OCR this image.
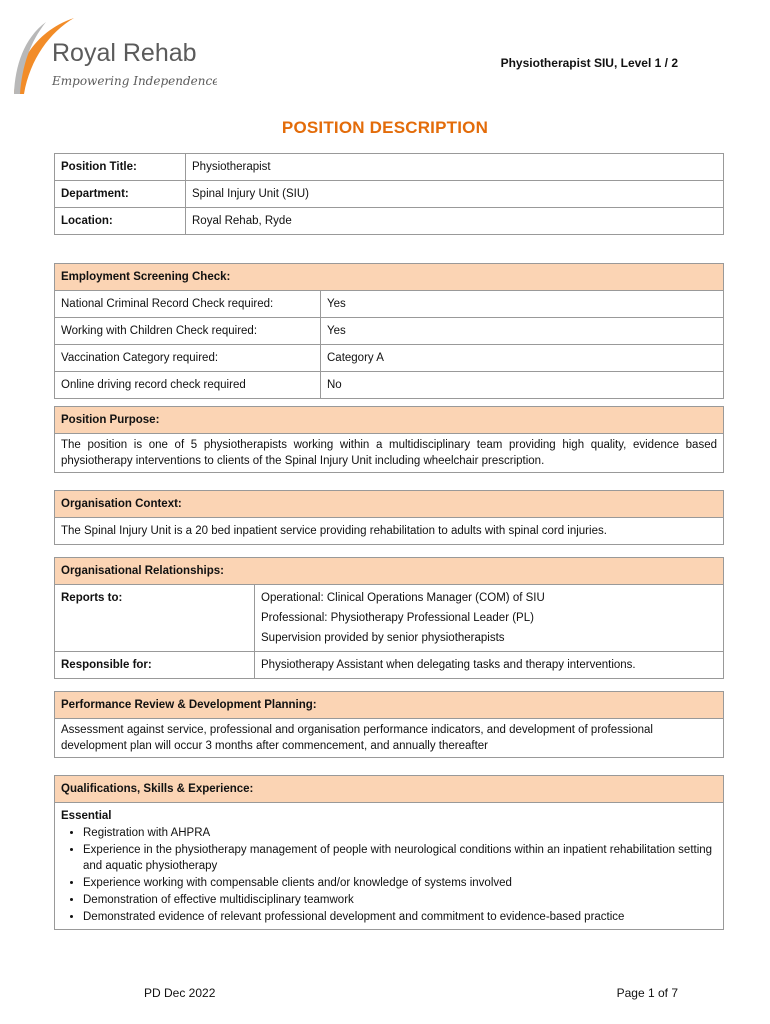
Royal Rehab
Empowering Independence
Physiotherapist SIU, Level 1 / 2
POSITION DESCRIPTION
Position Title:	Physiotherapist
Department:	Spinal Injury Unit (SIU)
Location:	Royal Rehab, Ryde
Employment Screening Check:	
National Criminal Record Check required:	Yes
Working with Children Check required:	Yes
Vaccination Category required:	Category A
Online driving record check required	No
Position Purpose:
The position is one of 5 physiotherapists working within a multidisciplinary team providing high quality, evidence based physiotherapy interventions to clients of the Spinal Injury Unit including wheelchair prescription.
Organisation Context:
The Spinal Injury Unit is a 20 bed inpatient service providing rehabilitation to adults with spinal cord injuries.
Organisational Relationships:	
Reports to:	Operational: Clinical Operations Manager (COM) of SIU
Professional: Physiotherapy Professional Leader (PL)
Supervision provided by senior physiotherapists

Responsible for:	Physiotherapy Assistant when delegating tasks and therapy interventions.
Performance Review & Development Planning:
Assessment against service, professional and organisation performance indicators, and development of professional development plan will occur 3 months after commencement, and annually thereafter
Qualifications, Skills & Experience:

Essential
• Registration with AHPRA
• Experience in the physiotherapy management of people with neurological conditions within an inpatient rehabilitation setting and aquatic physiotherapy
• Experience working with compensable clients and/or knowledge of systems involved
• Demonstration of effective multidisciplinary teamwork
• Demonstrated evidence of relevant professional development and commitment to evidence-based practice
PD Dec 2022	Page 1 of 7
